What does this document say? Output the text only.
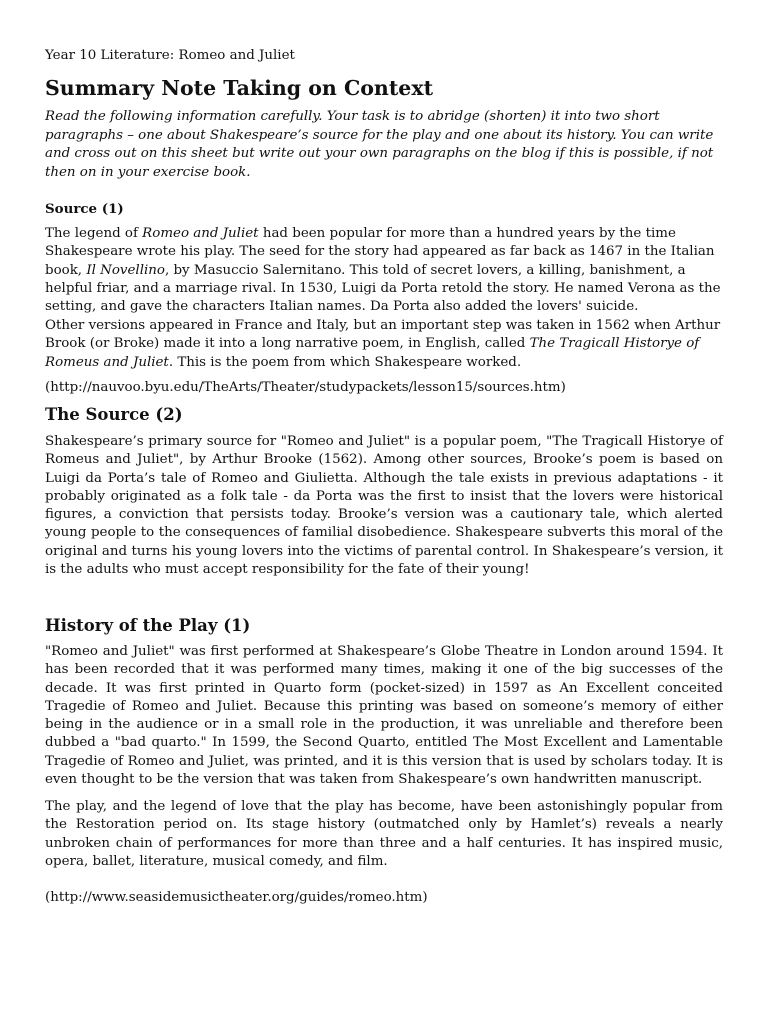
Year 10 Literature: Romeo and Juliet
Summary Note Taking on Context
Read the following information carefully. Your task is to abridge (shorten) it into two short paragraphs – one about Shakespeare’s source for the play and one about its history. You can write and cross out on this sheet but write out your own paragraphs on the blog if this is possible, if not then on in your exercise book.
Source (1)
The legend of Romeo and Juliet had been popular for more than a hundred years by the time Shakespeare wrote his play. The seed for the story had appeared as far back as 1467 in the Italian book, Il Novellino, by Masuccio Salernitano. This told of secret lovers, a killing, banishment, a helpful friar, and a marriage rival. In 1530, Luigi da Porta retold the story. He named Verona as the setting, and gave the characters Italian names. Da Porta also added the lovers' suicide.
Other versions appeared in France and Italy, but an important step was taken in 1562 when Arthur Brook (or Broke) made it into a long narrative poem, in English, called The Tragicall Historye of Romeus and Juliet. This is the poem from which Shakespeare worked.
(http://nauvoo.byu.edu/TheArts/Theater/studypackets/lesson15/sources.htm)
The Source (2)
Shakespeare’s primary source for "Romeo and Juliet" is a popular poem, "The Tragicall Historye of Romeus and Juliet", by Arthur Brooke (1562). Among other sources, Brooke’s poem is based on Luigi da Porta’s tale of Romeo and Giulietta. Although the tale exists in previous adaptations - it probably originated as a folk tale - da Porta was the first to insist that the lovers were historical figures, a conviction that persists today. Brooke’s version was a cautionary tale, which alerted young people to the consequences of familial disobedience. Shakespeare subverts this moral of the original and turns his young lovers into the victims of parental control. In Shakespeare’s version, it is the adults who must accept responsibility for the fate of their young!
History of the Play (1)
"Romeo and Juliet" was first performed at Shakespeare’s Globe Theatre in London around 1594. It has been recorded that it was performed many times, making it one of the big successes of the decade. It was first printed in Quarto form (pocket-sized) in 1597 as An Excellent conceited Tragedie of Romeo and Juliet. Because this printing was based on someone’s memory of either being in the audience or in a small role in the production, it was unreliable and therefore been dubbed a "bad quarto." In 1599, the Second Quarto, entitled The Most Excellent and Lamentable Tragedie of Romeo and Juliet, was printed, and it is this version that is used by scholars today. It is even thought to be the version that was taken from Shakespeare’s own handwritten manuscript.
The play, and the legend of love that the play has become, have been astonishingly popular from the Restoration period on. Its stage history (outmatched only by Hamlet’s) reveals a nearly unbroken chain of performances for more than three and a half centuries. It has inspired music, opera, ballet, literature, musical comedy, and film.
(http://www.seasidemusictheater.org/guides/romeo.htm)
